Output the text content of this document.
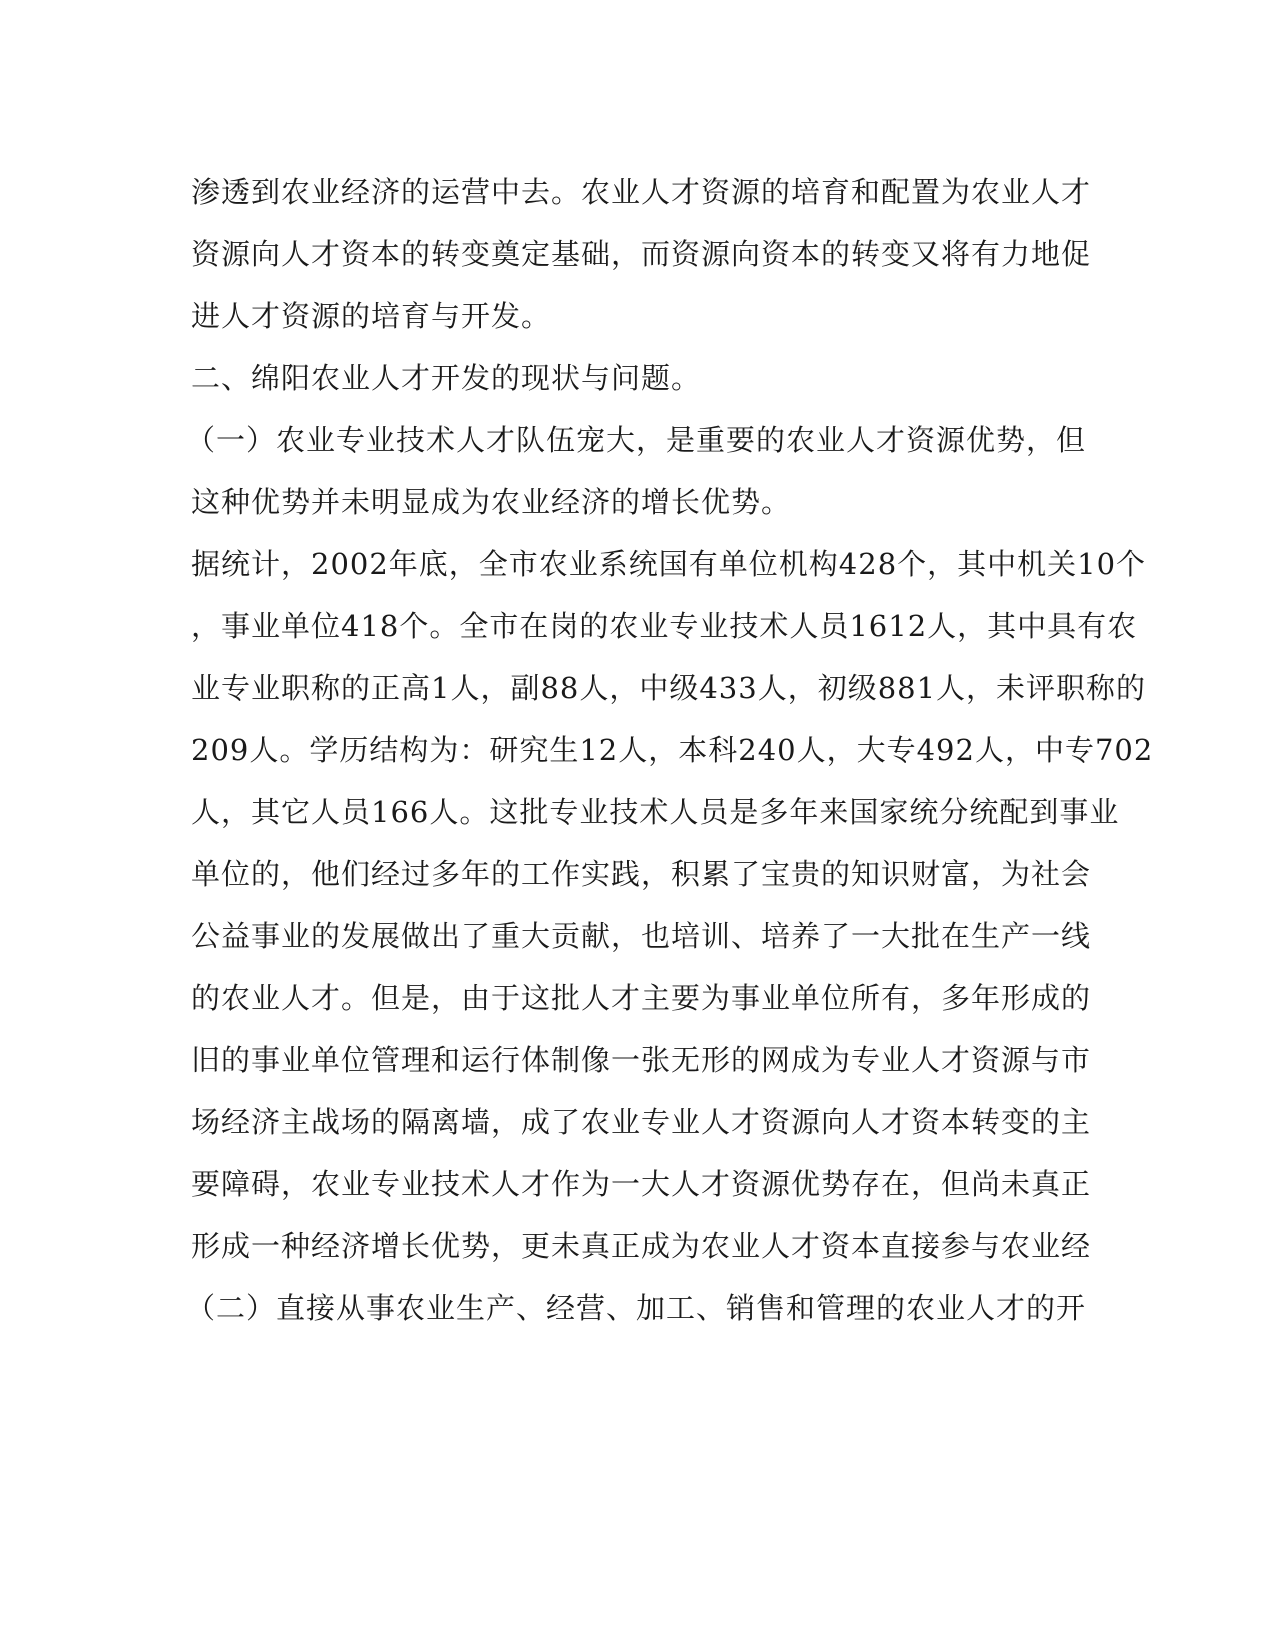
渗透到农业经济的运营中去。农业人才资源的培育和配置为农业人才
资源向人才资本的转变奠定基础，而资源向资本的转变又将有力地促
进人才资源的培育与开发。
二、绵阳农业人才开发的现状与问题。
（一）农业专业技术人才队伍宠大，是重要的农业人才资源优势，但
这种优势并未明显成为农业经济的增长优势。
据统计，2002年底，全市农业系统国有单位机构428个，其中机关10个
，事业单位418个。全市在岗的农业专业技术人员1612人，其中具有农
业专业职称的正高1人，副88人，中级433人，初级881人，未评职称的
209人。学历结构为：研究生12人，本科240人，大专492人，中专702
人，其它人员166人。这批专业技术人员是多年来国家统分统配到事业
单位的，他们经过多年的工作实践，积累了宝贵的知识财富，为社会
公益事业的发展做出了重大贡献，也培训、培养了一大批在生产一线
的农业人才。但是，由于这批人才主要为事业单位所有，多年形成的
旧的事业单位管理和运行体制像一张无形的网成为专业人才资源与市
场经济主战场的隔离墙，成了农业专业人才资源向人才资本转变的主
要障碍，农业专业技术人才作为一大人才资源优势存在，但尚未真正
形成一种经济增长优势，更未真正成为农业人才资本直接参与农业经
（二）直接从事农业生产、经营、加工、销售和管理的农业人才的开
